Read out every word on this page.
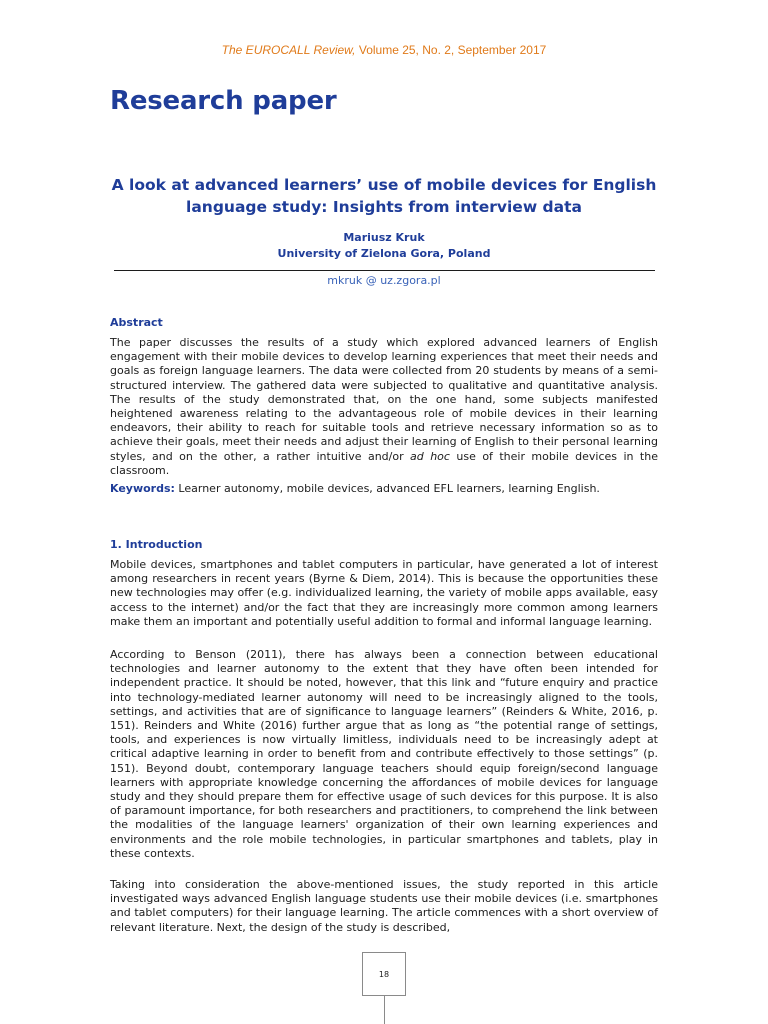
The EUROCALL Review, Volume 25, No. 2, September 2017
Research paper
A look at advanced learners’ use of mobile devices for English language study: Insights from interview data
Mariusz Kruk
University of Zielona Gora, Poland
mkruk @ uz.zgora.pl
Abstract
The paper discusses the results of a study which explored advanced learners of English engagement with their mobile devices to develop learning experiences that meet their needs and goals as foreign language learners. The data were collected from 20 students by means of a semi-structured interview. The gathered data were subjected to qualitative and quantitative analysis. The results of the study demonstrated that, on the one hand, some subjects manifested heightened awareness relating to the advantageous role of mobile devices in their learning endeavors, their ability to reach for suitable tools and retrieve necessary information so as to achieve their goals, meet their needs and adjust their learning of English to their personal learning styles, and on the other, a rather intuitive and/or ad hoc use of their mobile devices in the classroom.
Keywords: Learner autonomy, mobile devices, advanced EFL learners, learning English.
1. Introduction
Mobile devices, smartphones and tablet computers in particular, have generated a lot of interest among researchers in recent years (Byrne & Diem, 2014). This is because the opportunities these new technologies may offer (e.g. individualized learning, the variety of mobile apps available, easy access to the internet) and/or the fact that they are increasingly more common among learners make them an important and potentially useful addition to formal and informal language learning.
According to Benson (2011), there has always been a connection between educational technologies and learner autonomy to the extent that they have often been intended for independent practice. It should be noted, however, that this link and “future enquiry and practice into technology-mediated learner autonomy will need to be increasingly aligned to the tools, settings, and activities that are of significance to language learners” (Reinders & White, 2016, p. 151). Reinders and White (2016) further argue that as long as “the potential range of settings, tools, and experiences is now virtually limitless, individuals need to be increasingly adept at critical adaptive learning in order to benefit from and contribute effectively to those settings” (p. 151). Beyond doubt, contemporary language teachers should equip foreign/second language learners with appropriate knowledge concerning the affordances of mobile devices for language study and they should prepare them for effective usage of such devices for this purpose. It is also of paramount importance, for both researchers and practitioners, to comprehend the link between the modalities of the language learners' organization of their own learning experiences and environments and the role mobile technologies, in particular smartphones and tablets, play in these contexts.
Taking into consideration the above-mentioned issues, the study reported in this article investigated ways advanced English language students use their mobile devices (i.e. smartphones and tablet computers) for their language learning. The article commences with a short overview of relevant literature. Next, the design of the study is described,
18
